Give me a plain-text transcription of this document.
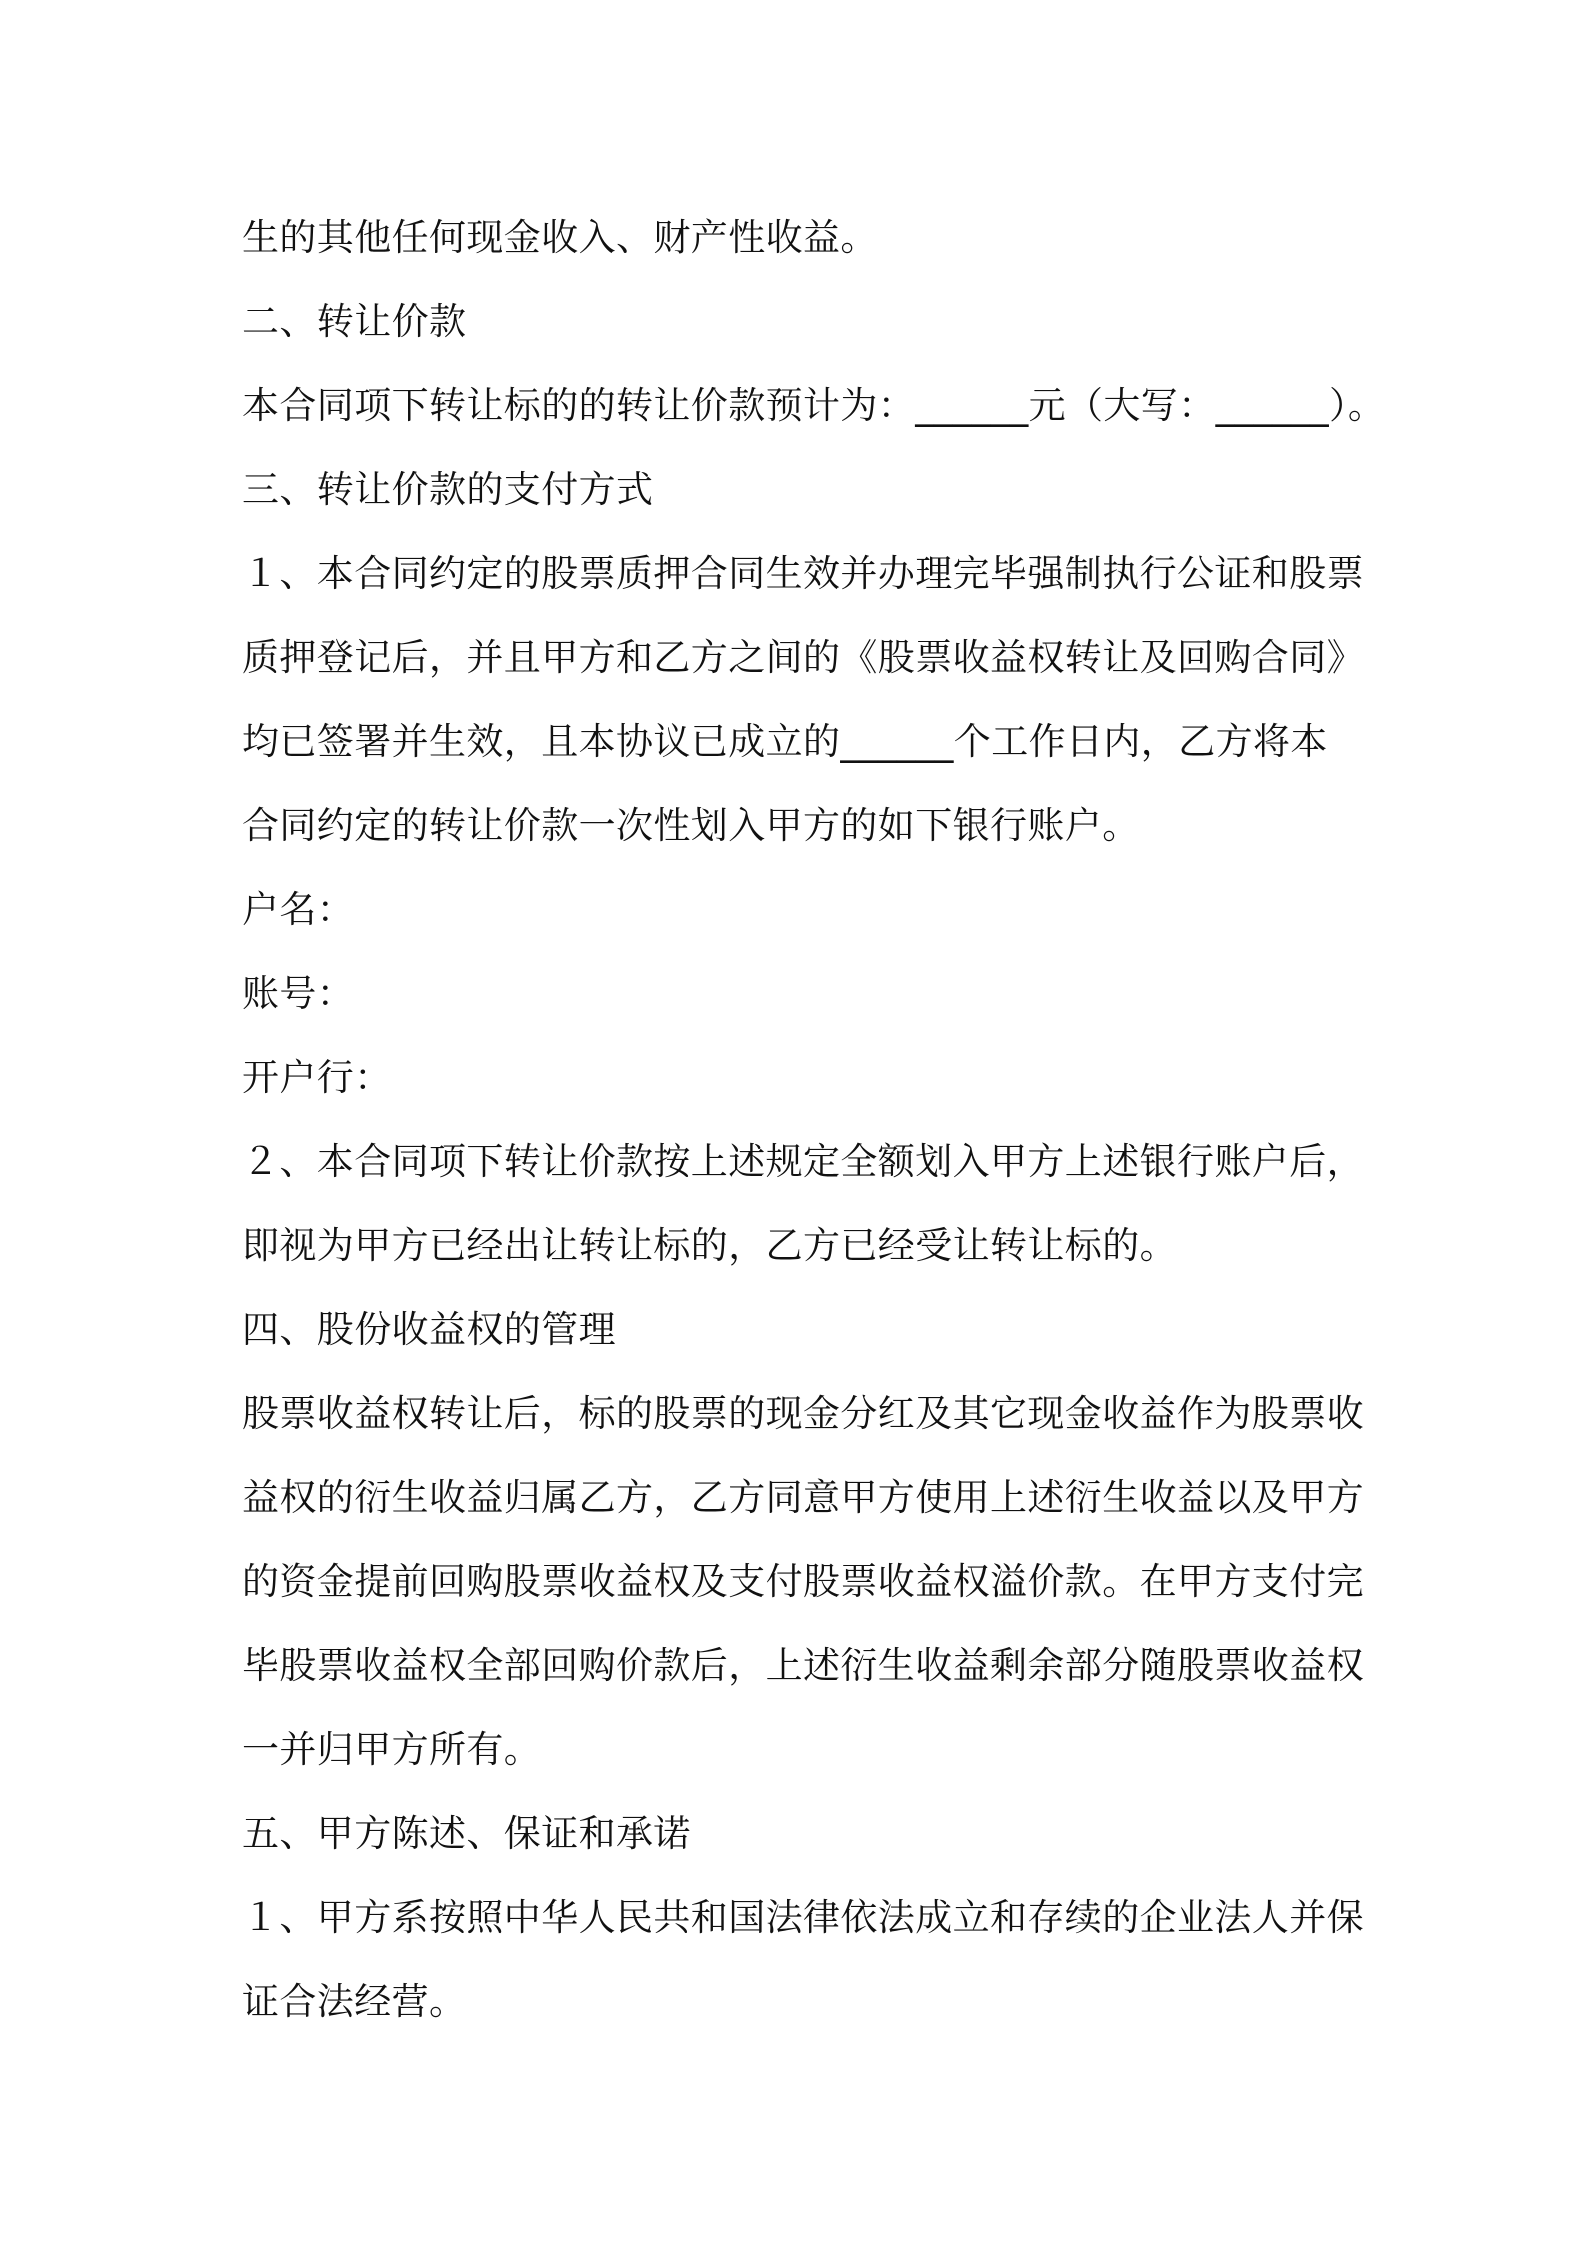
生的其他任何现金收入、财产性收益。
二、转让价款
本合同项下转让标的的转让价款预计为：______元（大写：______）。
三、转让价款的支付方式
１、本合同约定的股票质押合同生效并办理完毕强制执行公证和股票
质押登记后，并且甲方和乙方之间的《股票收益权转让及回购合同》
均已签署并生效，且本协议已成立的______个工作日内，乙方将本
合同约定的转让价款一次性划入甲方的如下银行账户。
户名：
账号：
开户行：
２、本合同项下转让价款按上述规定全额划入甲方上述银行账户后，
即视为甲方已经出让转让标的，乙方已经受让转让标的。
四、股份收益权的管理
股票收益权转让后，标的股票的现金分红及其它现金收益作为股票收
益权的衍生收益归属乙方，乙方同意甲方使用上述衍生收益以及甲方
的资金提前回购股票收益权及支付股票收益权溢价款。在甲方支付完
毕股票收益权全部回购价款后，上述衍生收益剩余部分随股票收益权
一并归甲方所有。
五、甲方陈述、保证和承诺
１、甲方系按照中华人民共和国法律依法成立和存续的企业法人并保
证合法经营。
